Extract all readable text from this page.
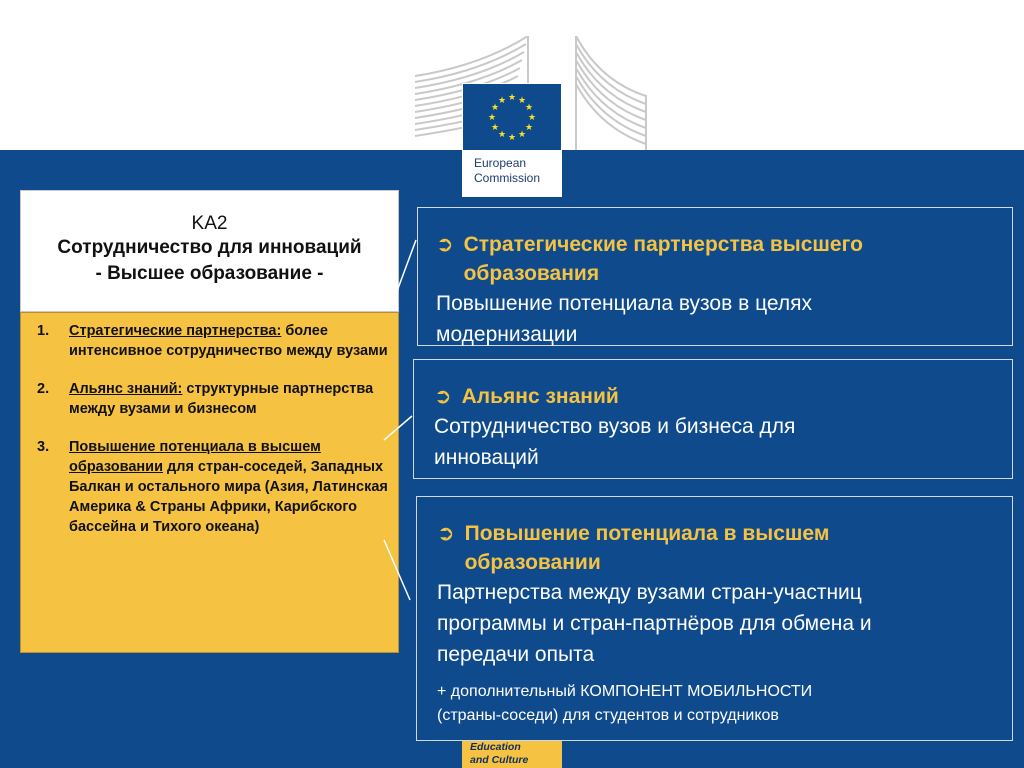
★ ★
★
★
★
★
★
★
★
★
★
★
European
Commission
KA2
Сотрудничество для инноваций
- Высшее образование -
1.	Стратегические партнерства: более интенсивное сотрудничество между вузами
2.	Альянс знаний: структурные партнерства между вузами и бизнесом
3.	Повышение потенциала в высшем образовании для стран-соседей, Западных Балкан и остального мира (Азия, Латинская Америка & Страны Африки, Карибского бассейна и Тихого океана)
➲ Стратегические партнерства высшего
образования
Повышение потенциала вузов в целях
модернизации
➲ Альянс знаний
Сотрудничество вузов и бизнеса для
инноваций
➲ Повышение потенциала в высшем
образовании
Партнерства между вузами стран-участниц
программы и стран-партнёров для обмена и
передачи опыта
+ дополнительный КОМПОНЕНТ МОБИЛЬНОСТИ
(страны-соседи) для студентов и сотрудников
Education
and Culture
